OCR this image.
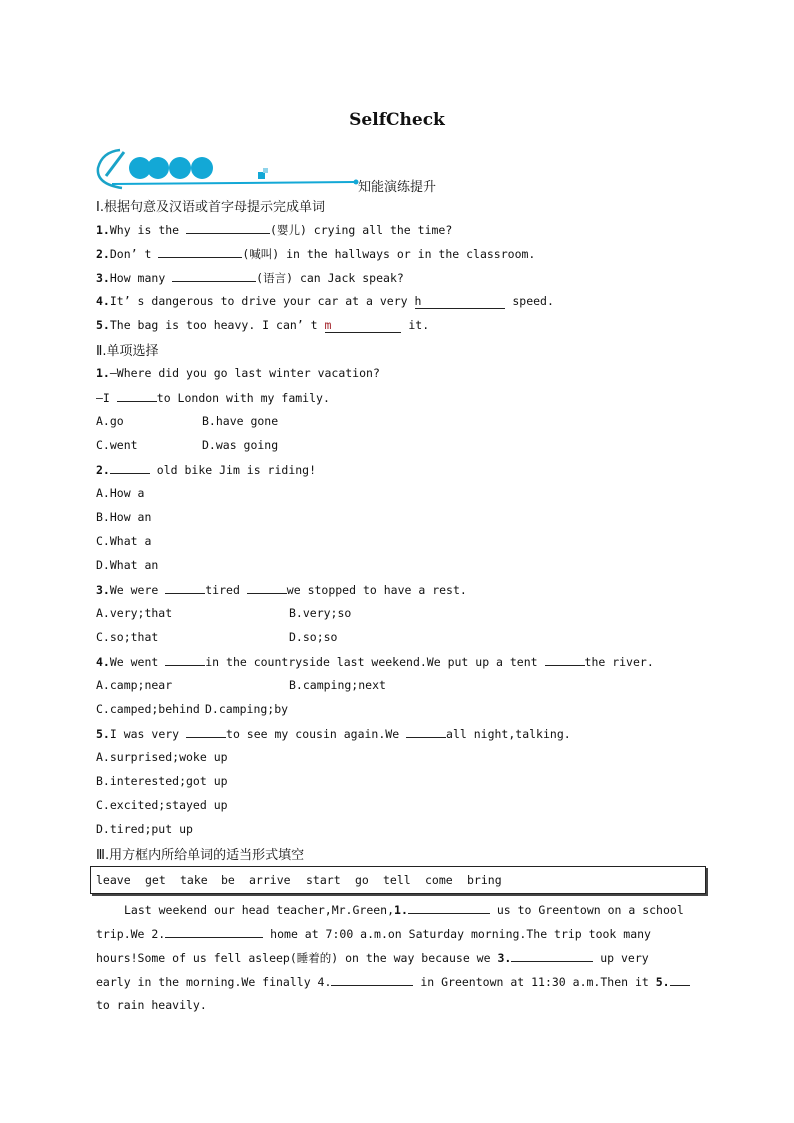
SelfCheck
知能演练提升
Ⅰ.根据句意及汉语或首字母提示完成单词
1.Why is the	(婴儿) crying all the time?
2.Don’ t	(喊叫) in the hallways or in the classroom.
3.How many	(语言) can Jack speak?
4.It’ s dangerous to drive your car at a very h	speed.
5.The bag is too heavy. I can’ t m	it.
Ⅱ.单项选择
1.—Where did you go last winter vacation?
—I	to London with my family.
A.go	B.have gone
C.went	D.was going
2.	old bike Jim is riding!
A.How a
B.How an
C.What a
D.What an
3.We were	tired	we stopped to have a rest.
A.very;that	B.very;so
C.so;that	D.so;so
4.We went	in the countryside last weekend.We put up a tent	the river.
A.camp;near	B.camping;next
C.camped;behind D.camping;by
5.I was very	to see my cousin again.We	all night,talking.
A.surprised;woke up
B.interested;got up
C.excited;stayed up
D.tired;put up
Ⅲ.用方框内所给单词的适当形式填空
leave get take be arrive start go tell come bring
Last weekend our head teacher,Mr.Green,1.	us to Greentown on a school
trip.We 2.	home at 7:00 a.m.on Saturday morning.The trip took many
hours!Some of us fell asleep(睡着的) on the way because we 3.	up very
early in the morning.We finally 4.	in Greentown at 11:30 a.m.Then it 5.
to rain heavily.
